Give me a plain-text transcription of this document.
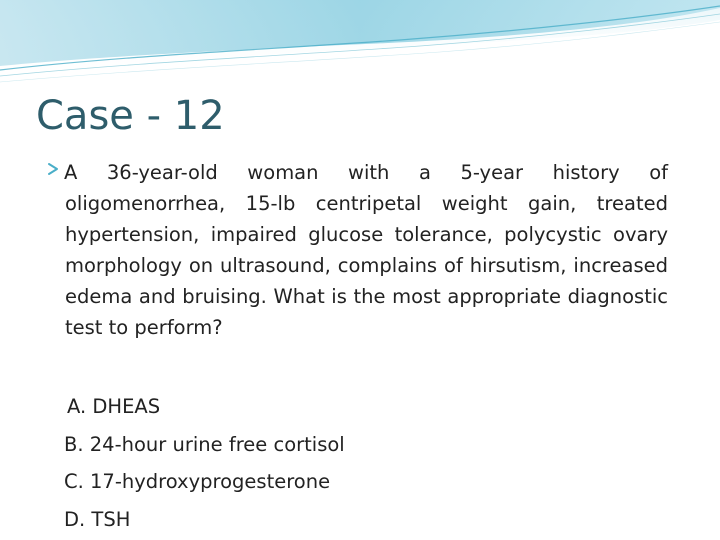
Case - 12

A 36-year-old woman with a 5-year history of oligomenorrhea, 15-lb centripetal weight gain, treated hypertension, impaired glucose tolerance, polycystic ovary morphology on ultrasound, complains of hirsutism, increased edema and bruising. What is the most appropriate diagnostic test to perform?

A. DHEAS
B. 24-hour urine free cortisol
C. 17-hydroxyprogesterone
D. TSH
